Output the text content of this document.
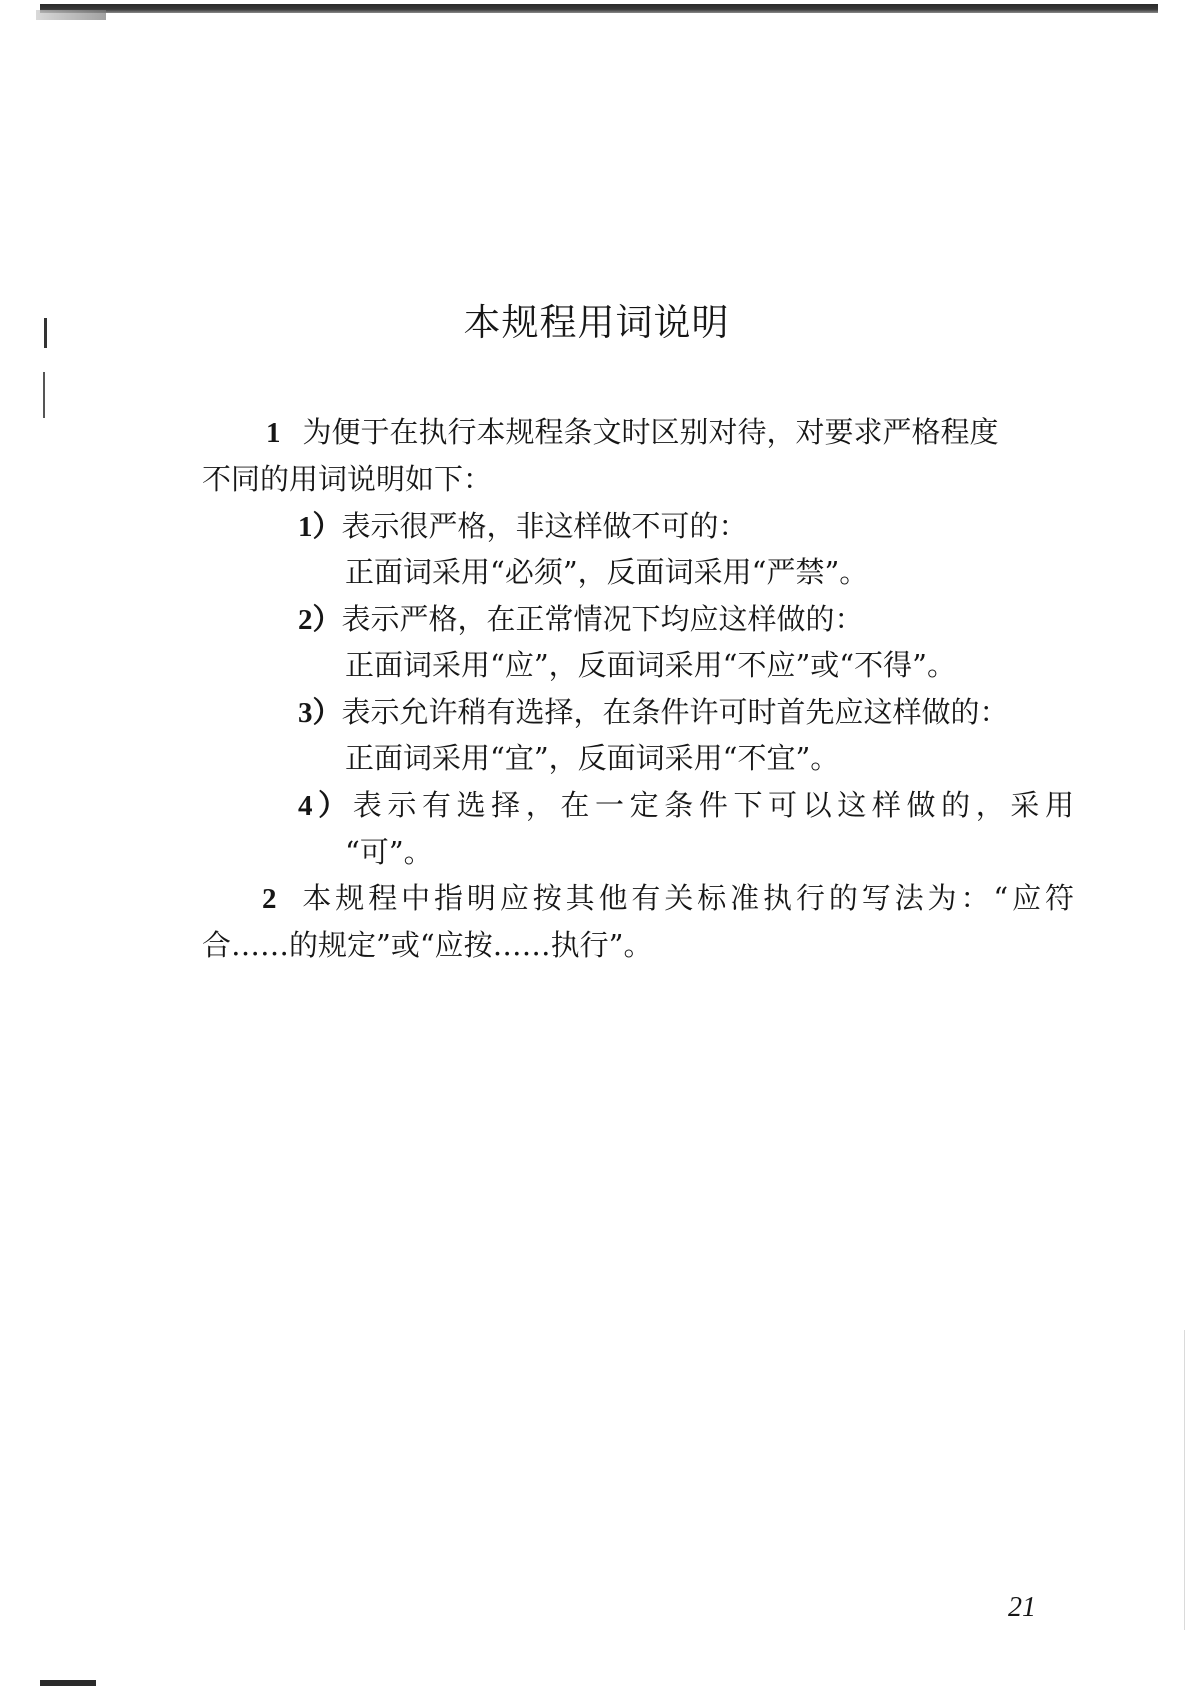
本规程用词说明
1 为便于在执行本规程条文时区别对待，对要求严格程度
不同的用词说明如下：
1）表示很严格，非这样做不可的：
正面词采用“必须”，反面词采用“严禁”。
2）表示严格，在正常情况下均应这样做的：
正面词采用“应”，反面词采用“不应”或“不得”。
3）表示允许稍有选择，在条件许可时首先应这样做的：
正面词采用“宜”，反面词采用“不宜”。
4）表示有选择，在一定条件下可以这样做的，采用
“可”。
2 本规程中指明应按其他有关标准执行的写法为：“应符
合……的规定”或“应按……执行”。
21
